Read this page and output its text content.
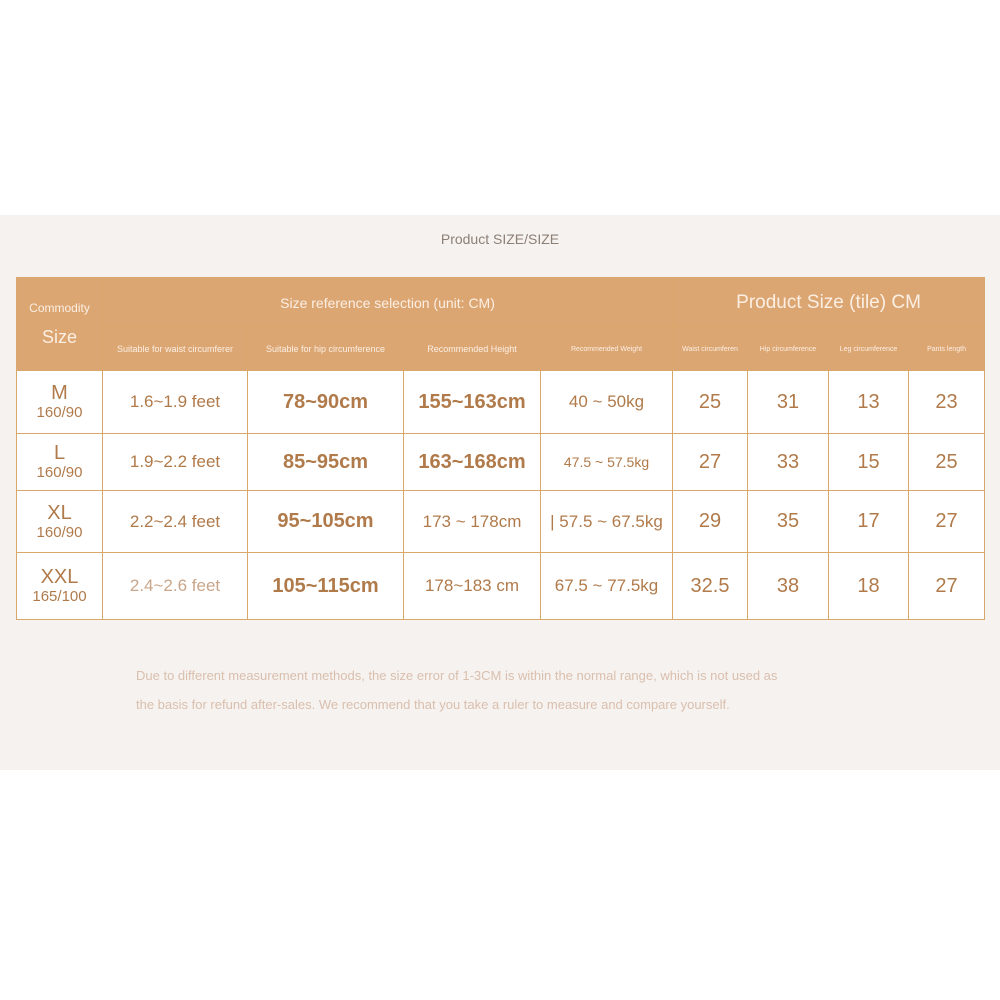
Product SIZE/SIZE
Commodity
Size	Size reference selection (unit: CM)				Product Size (tile) CM			
	Suitable for waist circumferer	Suitable for hip circumference	Recommended Height	Recommended Weight	Waist circumferen	Hip circumference	Leg circumference	Pants length

M
160/90	1.6~1.9 feet	78~90cm	155~163cm	40 ~ 50kg	25	31	13	23

L
160/90	1.9~2.2 feet	85~95cm	163~168cm	47.5 ~ 57.5kg	27	33	15	25

XL
160/90	2.2~2.4 feet	95~105cm	173 ~ 178cm	| 57.5 ~ 67.5kg	29	35	17	27

XXL
165/100	2.4~2.6 feet	105~115cm	178~183 cm	67.5 ~ 77.5kg	32.5	38	18	27
Due to different measurement methods, the size error of 1-3CM is within the normal range, which is not used as
the basis for refund after-sales. We recommend that you take a ruler to measure and compare yourself.
